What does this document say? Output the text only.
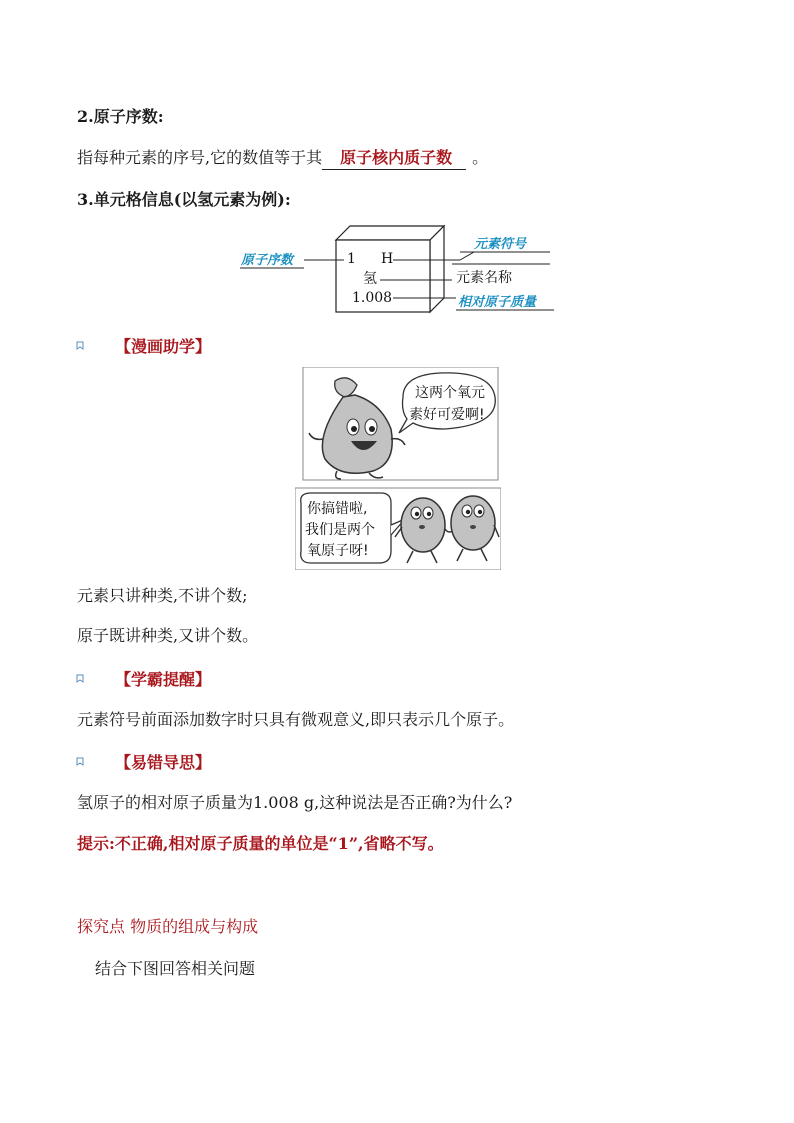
2.原子序数:
指每种元素的序号,它的数值等于其 原子核内质子数 。
3.单元格信息(以氢元素为例):
1 H
氢
1.008
原子序数
元素符号
元素名称
相对原子质量
【漫画助学】
这两个氧元
素好可爱啊!
你搞错啦,
我们是两个
氧原子呀!
元素只讲种类,不讲个数;
原子既讲种类,又讲个数。
【学霸提醒】
元素符号前面添加数字时只具有微观意义,即只表示几个原子。
【易错导思】
氢原子的相对原子质量为1.008 g,这种说法是否正确?为什么?
提示:不正确,相对原子质量的单位是“1”,省略不写。
探究点 物质的组成与构成
结合下图回答相关问题
